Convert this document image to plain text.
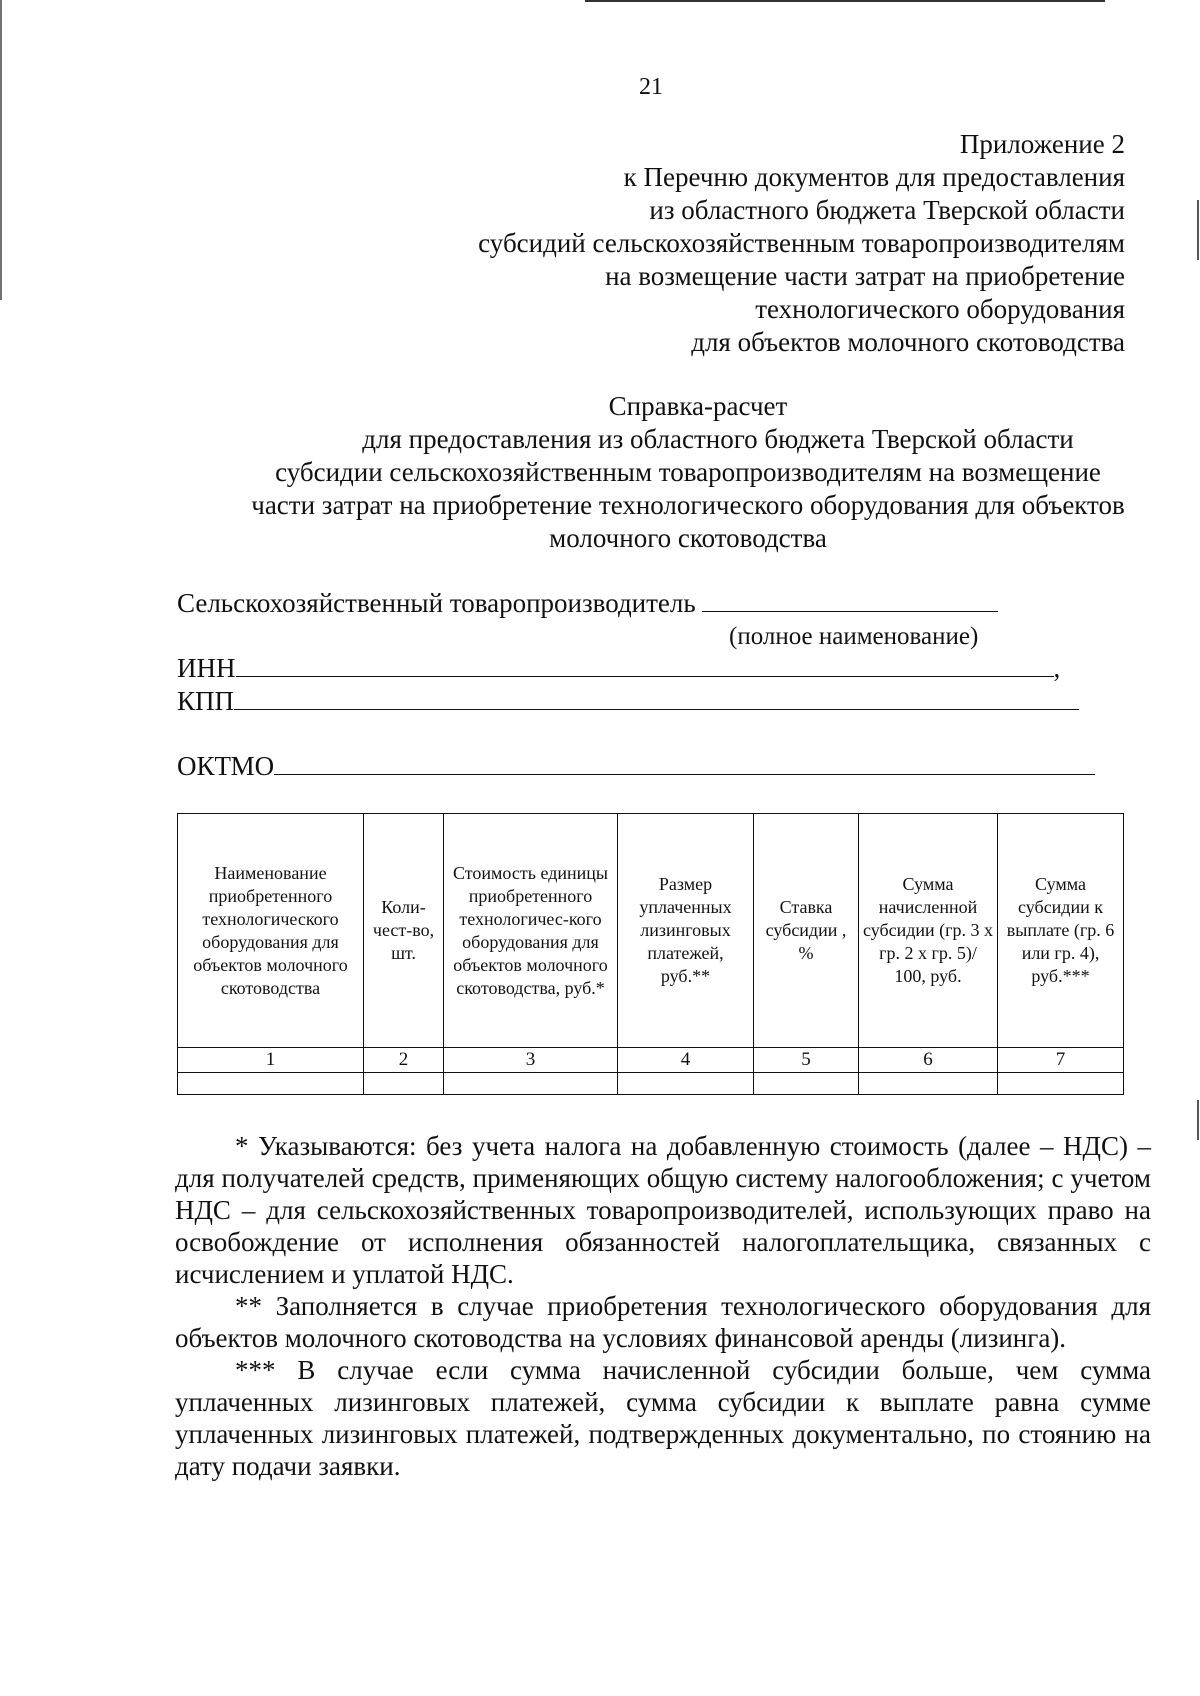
21
Приложение 2
к Перечню документов для предоставления
из областного бюджета Тверской области
субсидий сельскохозяйственным товаропроизводителям
на возмещение части затрат на приобретение
технологического оборудования
для объектов молочного скотоводства
Справка-расчет
для предоставления из областного бюджета Тверской области
субсидии сельскохозяйственным товаропроизводителям на возмещение
части затрат на приобретение технологического оборудования для объектов
молочного скотоводства
Сельскохозяйственный товаропроизводитель
(полное наименование)
ИНН	,
КПП
ОКТМО
Наименование приобретенного технологического оборудования для объектов молочного скотоводства	Коли-чест-во, шт.	Стоимость единицы приобретенного технологичес-кого оборудования для объектов молочного скотоводства, руб.*	Размер уплаченных лизинговых платежей, руб.**	Ставка субсидии , %	Сумма начисленной субсидии (гр. 3 х гр. 2 х гр. 5)/ 100, руб.	Сумма субсидии к выплате (гр. 6 или гр. 4), руб.***
1	2	3	4	5	6	7

* Указываются: без учета налога на добавленную стоимость (далее – НДС) – для получателей средств, применяющих общую систему налогообложения; с учетом НДС – для сельскохозяйственных товаропроизводителей, использующих право на освобождение от исполнения обязанностей налогоплательщика, связанных с исчислением и уплатой НДС.

** Заполняется в случае приобретения технологического оборудования для объектов молочного скотоводства на условиях финансовой аренды (лизинга).

*** В случае если сумма начисленной субсидии больше, чем сумма уплаченных лизинговых платежей, сумма субсидии к выплате равна сумме уплаченных лизинговых платежей, подтвержденных документально, по стоянию на дату подачи заявки.
